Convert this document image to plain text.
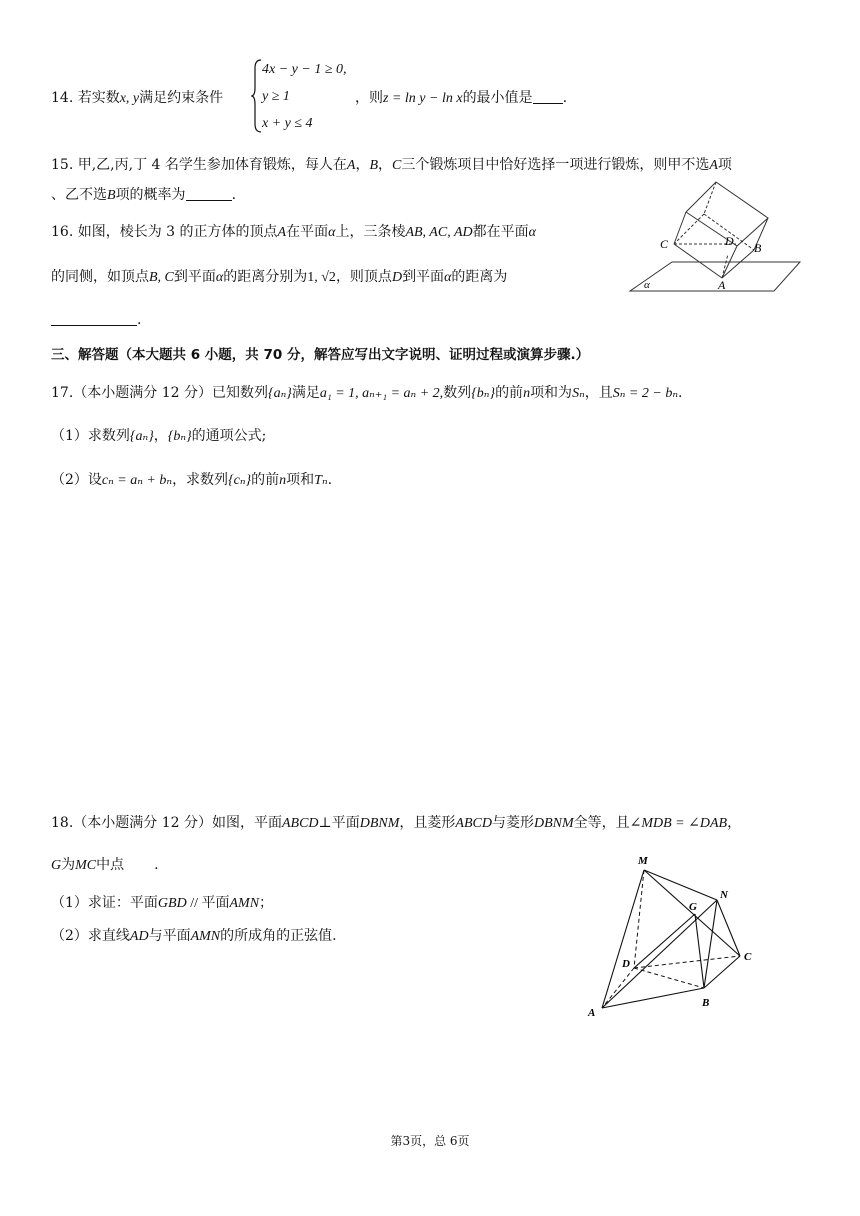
14. 若实数x, y满足约束条件
4x − y − 1 ≥ 0,
y ≥ 1
x + y ≤ 4
，则z = ln y − ln x的最小值是 .
15. 甲,乙,丙,丁 4 名学生参加体育锻炼，每人在A，B，C三个锻炼项目中恰好选择一项进行锻炼，则甲不选A项
、乙不选B项的概率为	.
16. 如图，棱长为 3 的正方体的顶点A在平面α上，三条棱AB, AC, AD都在平面α
的同侧，如顶点B, C到平面α的距离分别为1, √2，则顶点D到平面α的距离为
.
C	D B
A
α
三、解答题（本大题共 6 小题，共 70 分，解答应写出文字说明、证明过程或演算步骤.）
17.（本小题满分 12 分）已知数列{aₙ}满足a₁ = 1, aₙ₊₁ = aₙ + 2,数列{bₙ}的前n项和为Sₙ，且Sₙ = 2 − bₙ.
（1）求数列{aₙ}，{bₙ}的通项公式;
（2）设cₙ = aₙ + bₙ，求数列{cₙ}的前n项和Tₙ.
18.（本小题满分 12 分）如图，平面ABCD⊥平面DBNM，且菱形ABCD与菱形DBNM全等，且∠MDB = ∠DAB，
G为MC中点 .
（1）求证：平面GBD // 平面AMN；
（2）求直线AD与平面AMN的所成角的正弦值.
M
N
G
D
C
A
B
第3页，总 6页
